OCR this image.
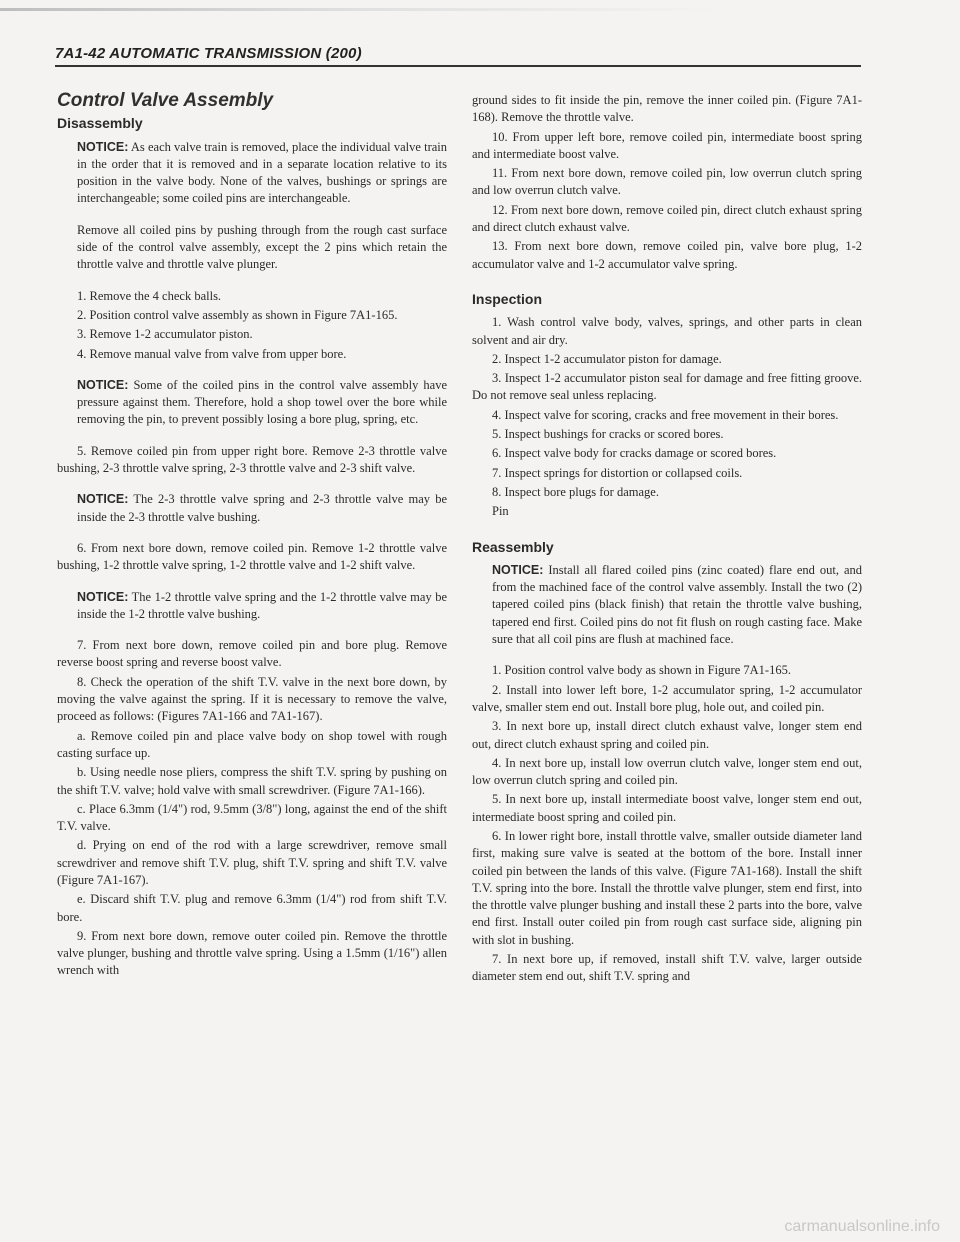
7A1-42 AUTOMATIC TRANSMISSION (200)
Control Valve Assembly
Disassembly

NOTICE: As each valve train is removed, place the individual valve train in the order that it is removed and in a separate location relative to its position in the valve body. None of the valves, bushings or springs are interchangeable; some coiled pins are interchangeable.

Remove all coiled pins by pushing through from the rough cast surface side of the control valve assembly, except the 2 pins which retain the throttle valve and throttle valve plunger.

1. Remove the 4 check balls.

2. Position control valve assembly as shown in Figure 7A1-165.

3. Remove 1-2 accumulator piston.

4. Remove manual valve from valve from upper bore.

NOTICE: Some of the coiled pins in the control valve assembly have pressure against them. Therefore, hold a shop towel over the bore while removing the pin, to prevent possibly losing a bore plug, spring, etc.

5. Remove coiled pin from upper right bore. Remove 2-3 throttle valve bushing, 2-3 throttle valve spring, 2-3 throttle valve and 2-3 shift valve.

NOTICE: The 2-3 throttle valve spring and 2-3 throttle valve may be inside the 2-3 throttle valve bushing.

6. From next bore down, remove coiled pin. Remove 1-2 throttle valve bushing, 1-2 throttle valve spring, 1-2 throttle valve and 1-2 shift valve.

NOTICE: The 1-2 throttle valve spring and the 1-2 throttle valve may be inside the 1-2 throttle valve bushing.

7. From next bore down, remove coiled pin and bore plug. Remove reverse boost spring and reverse boost valve.

8. Check the operation of the shift T.V. valve in the next bore down, by moving the valve against the spring. If it is necessary to remove the valve, proceed as follows: (Figures 7A1-166 and 7A1-167).

a. Remove coiled pin and place valve body on shop towel with rough casting surface up.

b. Using needle nose pliers, compress the shift T.V. spring by pushing on the shift T.V. valve; hold valve with small screwdriver. (Figure 7A1-166).

c. Place 6.3mm (1/4") rod, 9.5mm (3/8") long, against the end of the shift T.V. valve.

d. Prying on end of the rod with a large screwdriver, remove small screwdriver and remove shift T.V. plug, shift T.V. spring and shift T.V. valve (Figure 7A1-167).

e. Discard shift T.V. plug and remove 6.3mm (1/4") rod from shift T.V. bore.

9. From next bore down, remove outer coiled pin. Remove the throttle valve plunger, bushing and throttle valve spring. Using a 1.5mm (1/16") allen wrench with

ground sides to fit inside the pin, remove the inner coiled pin. (Figure 7A1-168). Remove the throttle valve.

10. From upper left bore, remove coiled pin, intermediate boost spring and intermediate boost valve.

11. From next bore down, remove coiled pin, low overrun clutch spring and low overrun clutch valve.

12. From next bore down, remove coiled pin, direct clutch exhaust spring and direct clutch exhaust valve.

13. From next bore down, remove coiled pin, valve bore plug, 1-2 accumulator valve and 1-2 accumulator valve spring.

Inspection

1. Wash control valve body, valves, springs, and other parts in clean solvent and air dry.

2. Inspect 1-2 accumulator piston for damage.

3. Inspect 1-2 accumulator piston seal for damage and free fitting groove. Do not remove seal unless replacing.

4. Inspect valve for scoring, cracks and free movement in their bores.

5. Inspect bushings for cracks or scored bores.

6. Inspect valve body for cracks damage or scored bores.

7. Inspect springs for distortion or collapsed coils.

8. Inspect bore plugs for damage.

Pin

Reassembly

NOTICE: Install all flared coiled pins (zinc coated) flare end out, and from the machined face of the control valve assembly. Install the two (2) tapered coiled pins (black finish) that retain the throttle valve bushing, tapered end first. Coiled pins do not fit flush on rough casting face. Make sure that all coil pins are flush at machined face.

1. Position control valve body as shown in Figure 7A1-165.

2. Install into lower left bore, 1-2 accumulator spring, 1-2 accumulator valve, smaller stem end out. Install bore plug, hole out, and coiled pin.

3. In next bore up, install direct clutch exhaust valve, longer stem end out, direct clutch exhaust spring and coiled pin.

4. In next bore up, install low overrun clutch valve, longer stem end out, low overrun clutch spring and coiled pin.

5. In next bore up, install intermediate boost valve, longer stem end out, intermediate boost spring and coiled pin.

6. In lower right bore, install throttle valve, smaller outside diameter land first, making sure valve is seated at the bottom of the bore. Install inner coiled pin between the lands of this valve. (Figure 7A1-168). Install the shift T.V. spring into the bore. Install the throttle valve plunger, stem end first, into the throttle valve plunger bushing and install these 2 parts into the bore, valve end first. Install outer coiled pin from rough cast surface side, aligning pin with slot in bushing.

7. In next bore up, if removed, install shift T.V. valve, larger outside diameter stem end out, shift T.V. spring and

carmanualsonline.info
